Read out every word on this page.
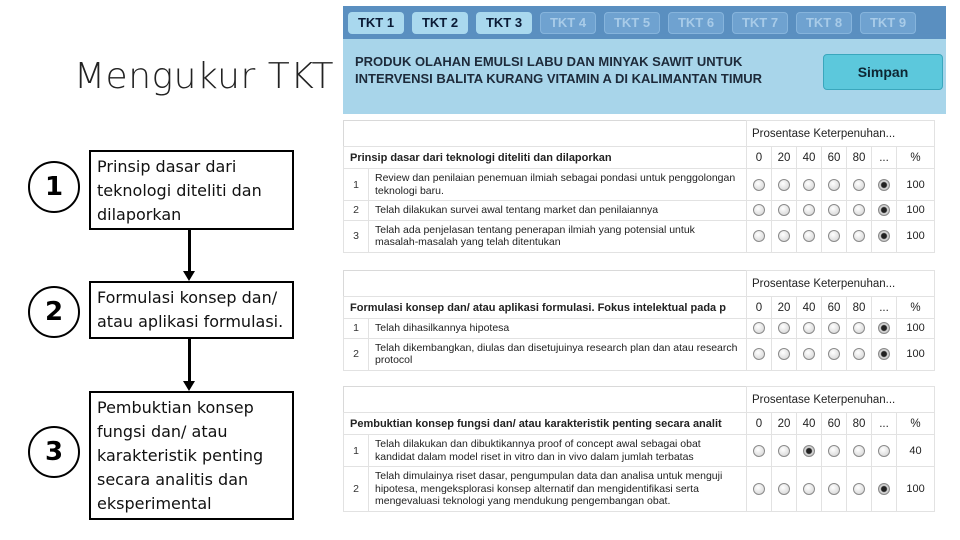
Mengukur TKT
1
Prinsip dasar dari teknologi diteliti dan dilaporkan
2	Formulasi konsep dan/ atau aplikasi formulasi.
3
Pembuktian konsep fungsi dan/ atau karakteristik penting secara analitis dan eksperimental
TKT 1	TKT 2	TKT 3	TKT 4	TKT 5	TKT 6	TKT 7	TKT 8	TKT 9
PRODUK OLAHAN EMULSI LABU DAN MINYAK SAWIT UNTUK INTERVENSI BALITA KURANG VITAMIN A DI KALIMANTAN TIMUR	Simpan
		Prosentase Keterpenuhan...						
Prinsip dasar dari teknologi diteliti dan dilaporkan		0	20	40	60	80	...	%
1	Review dan penilaian penemuan ilmiah sebagai pondasi untuk penggolongan teknologi baru.							100
2	Telah dilakukan survei awal tentang market dan penilaiannya							100
3	Telah ada penjelasan tentang penerapan ilmiah yang potensial untuk masalah-masalah yang telah ditentukan							100
		Prosentase Keterpenuhan...						
Formulasi konsep dan/ atau aplikasi formulasi. Fokus intelektual pada p		0	20	40	60	80	...	%
1	Telah dihasilkannya hipotesa							100
2	Telah dikembangkan, diulas dan disetujuinya research plan dan atau research protocol							100
		Prosentase Keterpenuhan...						
Pembuktian konsep fungsi dan/ atau karakteristik penting secara analit		0	20	40	60	80	...	%
1	Telah dilakukan dan dibuktikannya proof of concept awal sebagai obat kandidat dalam model riset in vitro dan in vivo dalam jumlah terbatas							40
2	Telah dimulainya riset dasar, pengumpulan data dan analisa untuk menguji hipotesa, mengeksplorasi konsep alternatif dan mengidentifikasi serta mengevaluasi teknologi yang mendukung pengembangan obat.							100
